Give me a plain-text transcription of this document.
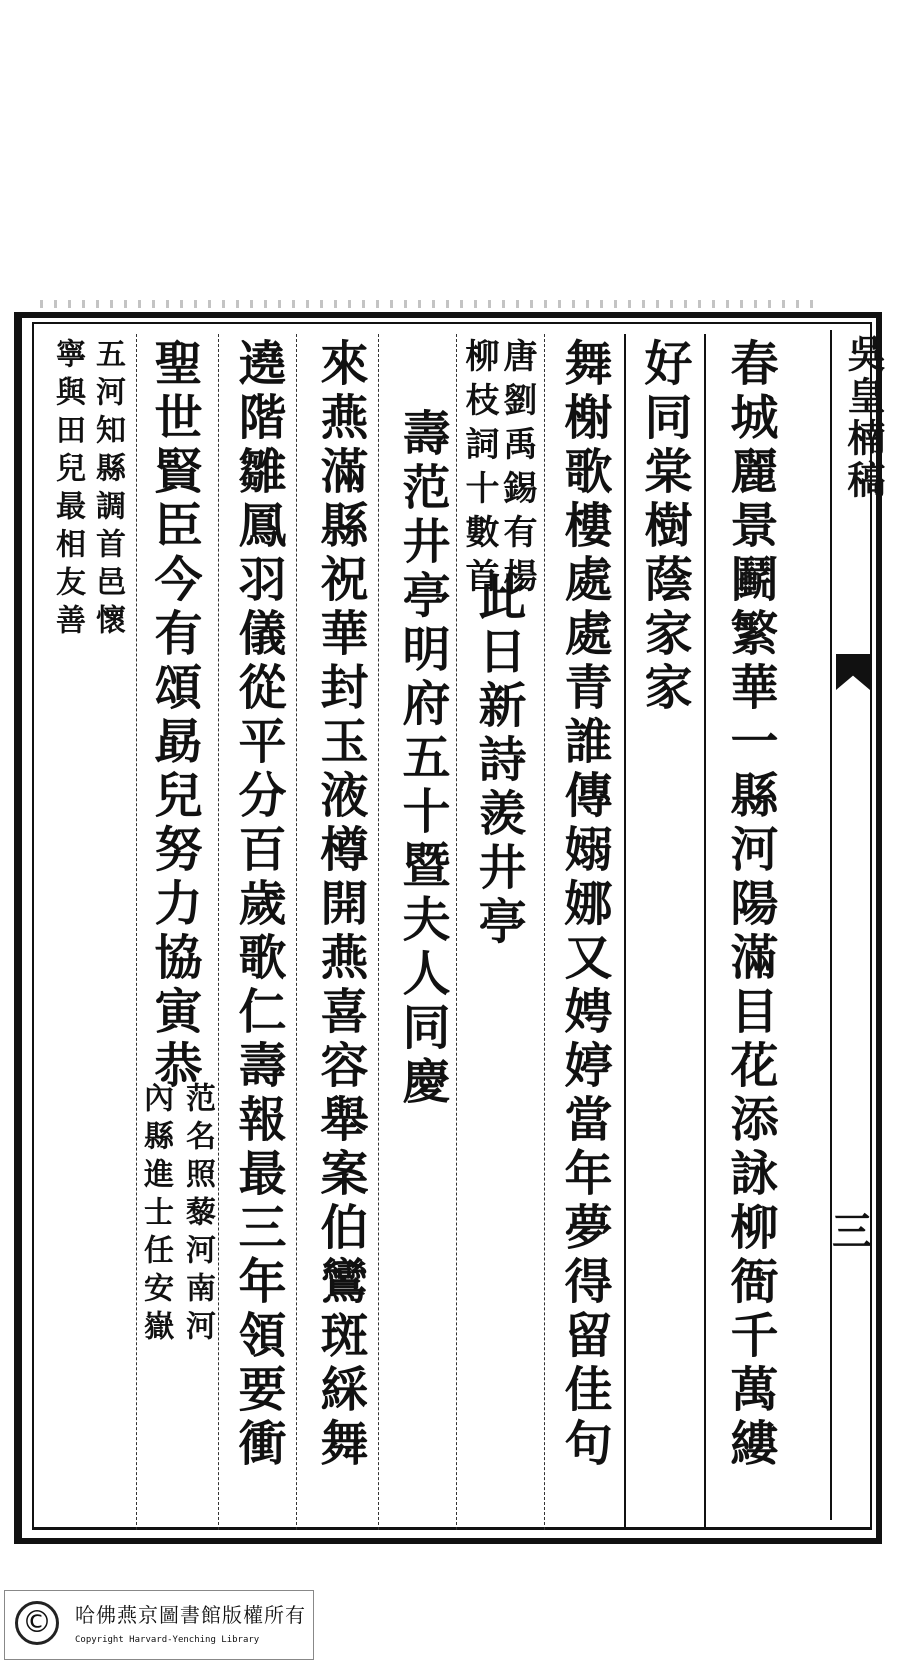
吳皇楠稿
三
春城麗景鬬繁華一縣河陽滿目花添詠柳衙千萬縷
好同棠樹蔭家家
舞榭歌樓處處青誰傳嫋娜又娉婷當年夢得留佳句
唐劉禹錫有楊
柳枝詞十數首
此日新詩羨井亭
壽范井亭明府五十暨夫人同慶
來燕滿縣祝華封玉液樽開燕喜容舉案伯鸞斑綵舞
遶階雛鳳羽儀從平分百歲歌仁壽報最三年領要衝
聖世賢臣今有頌勗兒努力協寅恭
范名照藜河南河
內縣進士任安嶽
五河知縣調首邑懷
寧與田兒最相友善
©	哈佛燕京圖書館版權所有
Copyright Harvard-Yenching Library
